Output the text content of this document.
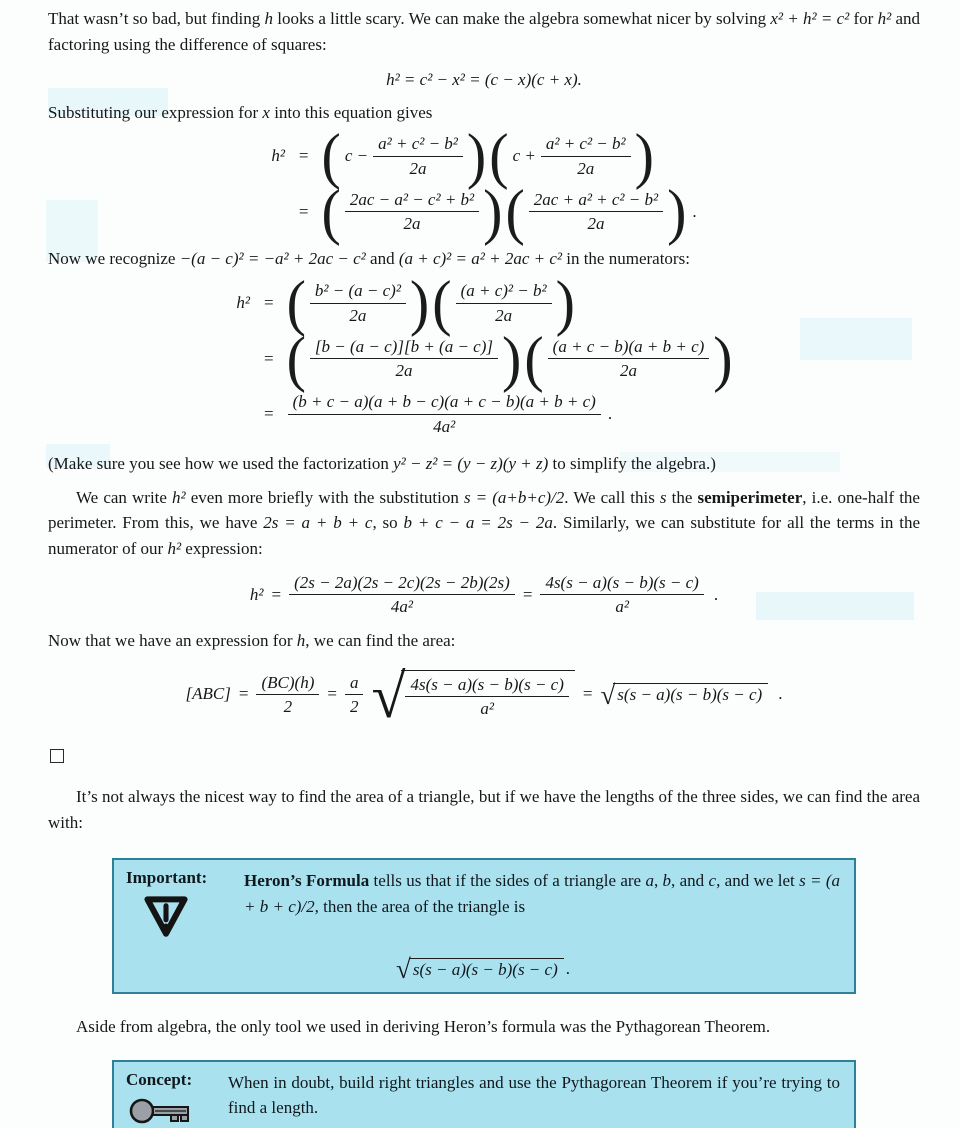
That wasn’t so bad, but finding h looks a little scary. We can make the algebra somewhat nicer by solving x² + h² = c² for h² and factoring using the difference of squares:

h² = c² − x² = (c − x)(c + x).

Substituting our expression for x into this equation gives

h² = ( $c - \frac{\text{a² + c² − b²}}{2a}$ ) ( $c + \frac{\text{a² + c² − b²}}{2a}$ )
= ( $\frac{\text{2ac − a² − c² + b²}}{2a}$ ) ( $\frac{\text{2ac + a² + c² − b²}}{2a}$ ) .

Now we recognize −(a − c)² = −a² + 2ac − c² and (a + c)² = a² + 2ac + c² in the numerators:

h² = ( $\frac{\text{b² − (a − c)²}}{2a}$ ) ( $\frac{\text{(a + c)² − b²}}{2a}$ )
= ( $\frac{[b - (a - c)][b + (a - c)]}{2a}$ ) ( $\frac{(a + c - b)(a + b + c)}{2a}$ )
= $\frac{(b + c - a)(a + b - c)(a + c - b)(a + b + c)}{\text{4a²}}$ .

(Make sure you see how we used the factorization y² − z² = (y − z)(y + z) to simplify the algebra.)

We can write h² even more briefly with the substitution s = (a+b+c)/2. We call this s the semiperimeter, i.e. one-half the perimeter. From this, we have 2s = a + b + c, so b + c − a = 2s − 2a. Similarly, we can substitute for all the terms in the numerator of our h² expression:

$h^2 = \frac{(2s - 2a)(2s - 2c)(2s - 2b)(2s)}{\text{4a²}} = \frac{4s(s - a)(s - b)(s - c)}{\text{a²}}$ .

Now that we have an expression for h, we can find the area:

$[ABC] = \frac{(BC)(h)}{2} = \frac{a}{2}$ √ $\frac{4s(s - a)(s - b)(s - c)}{\text{a²}}$ = √ s(s − a)(s − b)(s − c) .

It’s not always the nicest way to find the area of a triangle, but if we have the lengths of the three sides, we can find the area with:

Important:	Heron’s Formula tells us that if the sides of a triangle are a, b, and c, and we let s = (a + b + c)/2, then the area of the triangle is
√ s(s − a)(s − b)(s − c) .

Aside from algebra, the only tool we used in deriving Heron’s formula was the Pythagorean Theorem.

Concept:	When in doubt, build right triangles and use the Pythagorean Theorem if you’re trying to find a length.
